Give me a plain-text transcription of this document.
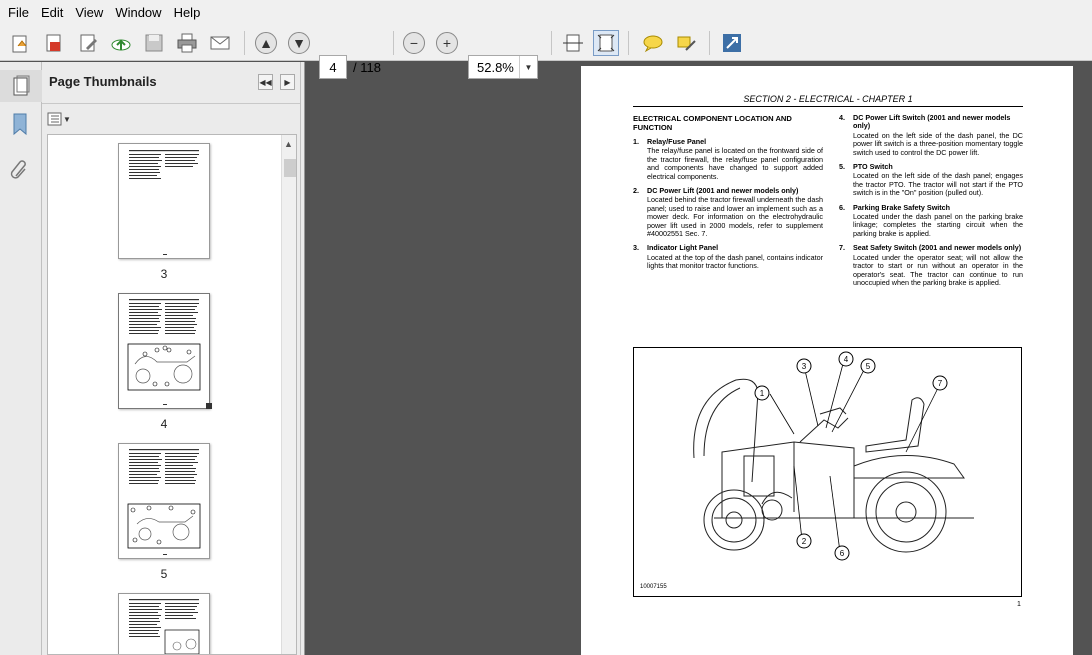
File Edit View Window Help
▲ ▼
4	/ 118
−	+
52.8%	▼
Page Thumbnails	◀◀	▶
▼
3
4
5
▲
SECTION 2 - ELECTRICAL - CHAPTER 1
ELECTRICAL COMPONENT LOCATION AND FUNCTION
1. Relay/Fuse Panel
The relay/fuse panel is located on the frontward side of the tractor firewall, the relay/fuse panel configuration and components have changed to support added electrical components.
2. DC Power Lift (2001 and newer models only)
Located behind the tractor firewall underneath the dash panel; used to raise and lower an implement such as a mower deck. For information on the electrohydraulic power lift used in 2000 models, refer to supplement #40002551 Sec. 7.
3. Indicator Light Panel
Located at the top of the dash panel, contains indicator lights that monitor tractor functions.
4. DC Power Lift Switch (2001 and newer models only)
Located on the left side of the dash panel, the DC power lift switch is a three-position momentary toggle switch used to control the DC power lift.
5. PTO Switch
Located on the left side of the dash panel; engages the tractor PTO. The tractor will not start if the PTO switch is in the "On" position (pulled out).
6. Parking Brake Safety Switch
Located under the dash panel on the parking brake linkage; completes the starting circuit when the parking brake is applied.
7. Seat Safety Switch (2001 and newer models only)
Located under the operator seat; will not allow the tractor to start or run without an operator in the operator's seat. The tractor can continue to run unoccupied when the parking brake is applied.
1
2
3
4
5
6
7
10007155
1
